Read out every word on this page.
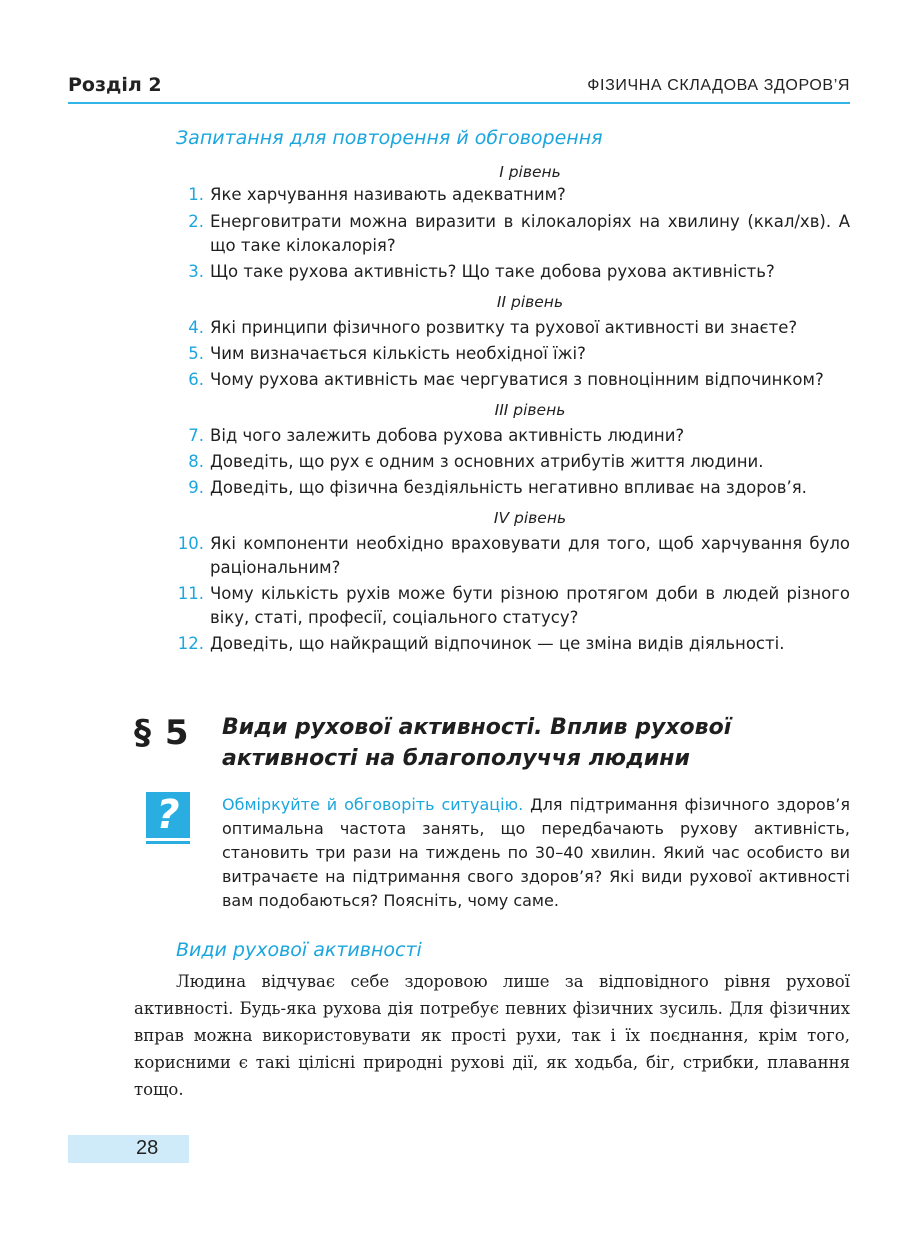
Розділ 2	ФІЗИЧНА СКЛАДОВА ЗДОРОВ’Я
Запитання для повторення й обговорення
І рівень
1. Яке харчування називають адекватним?
2. Енерговитрати можна виразити в кілокалоріях на хвилину (ккал/хв). А що таке кілокалорія?
3. Що таке рухова активність? Що таке добова рухова активність?
ІІ рівень
4. Які принципи фізичного розвитку та рухової активності ви знаєте?
5. Чим визначається кількість необхідної їжі?
6. Чому рухова активність має чергуватися з повноцінним відпочинком?
ІІІ рівень
7. Від чого залежить добова рухова активність людини?
8. Доведіть, що рух є одним з основних атрибутів життя людини.
9. Доведіть, що фізична бездіяльність негативно впливає на здоров’я.
ІV рівень
10. Які компоненти необхідно враховувати для того, щоб харчування було раціональним?
11. Чому кількість рухів може бути різною протягом доби в людей різного віку, статі, професії, соціального статусу?
12. Доведіть, що найкращий відпочинок — це зміна видів діяльності.
§ 5 Види рухової активності. Вплив рухової активності на благополуччя людини
?	Обміркуйте й обговоріть ситуацію. Для підтримання фізичного здоров’я оптимальна частота занять, що передбачають рухову активність, становить три рази на тиждень по 30–40 хвилин. Який час особисто ви витрачаєте на підтримання свого здоров’я? Які види рухової активності вам подобаються? Поясніть, чому саме.
Види рухової активності
Людина відчуває себе здоровою лише за відповідного рівня рухової активності. Будь-яка рухова дія потребує певних фізичних зусиль. Для фізичних вправ можна використовувати як прості рухи, так і їх поєднання, крім того, корисними є такі цілісні природні рухові дії, як ходьба, біг, стрибки, плавання тощо.
28
